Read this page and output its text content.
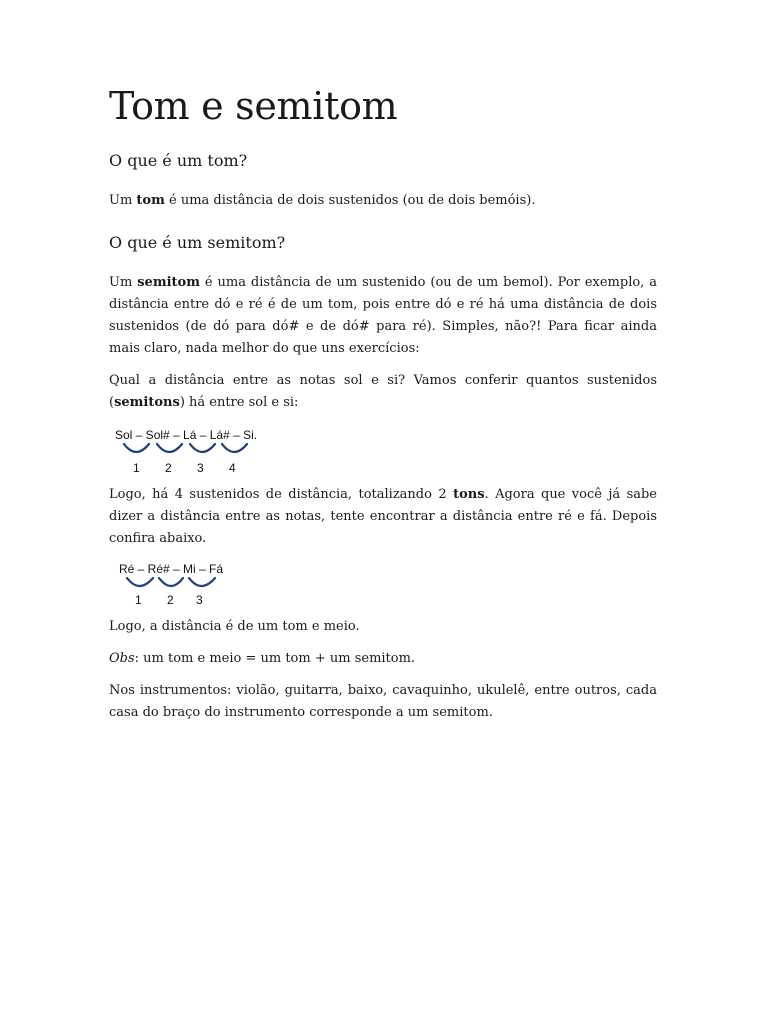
Tom e semitom
O que é um tom?

Um tom é uma distância de dois sustenidos (ou de dois bemóis).

O que é um semitom?

Um semitom é uma distância de um sustenido (ou de um bemol). Por exemplo, a distância entre dó e ré é de um tom, pois entre dó e ré há uma distância de dois sustenidos (de dó para dó# e de dó# para ré). Simples, não?! Para ficar ainda mais claro, nada melhor do que uns exercícios:

Qual a distância entre as notas sol e si? Vamos conferir quantos sustenidos (semitons) há entre sol e si:

Sol – Sol# – Lá – Lá# – Si.
1 2 3 4

Logo, há 4 sustenidos de distância, totalizando 2 tons. Agora que você já sabe dizer a distância entre as notas, tente encontrar a distância entre ré e fá. Depois confira abaixo.

Ré – Ré# – Mi – Fá
1 2 3

Logo, a distância é de um tom e meio.

Obs: um tom e meio = um tom + um semitom.

Nos instrumentos: violão, guitarra, baixo, cavaquinho, ukulelê, entre outros, cada casa do braço do instrumento corresponde a um semitom.
